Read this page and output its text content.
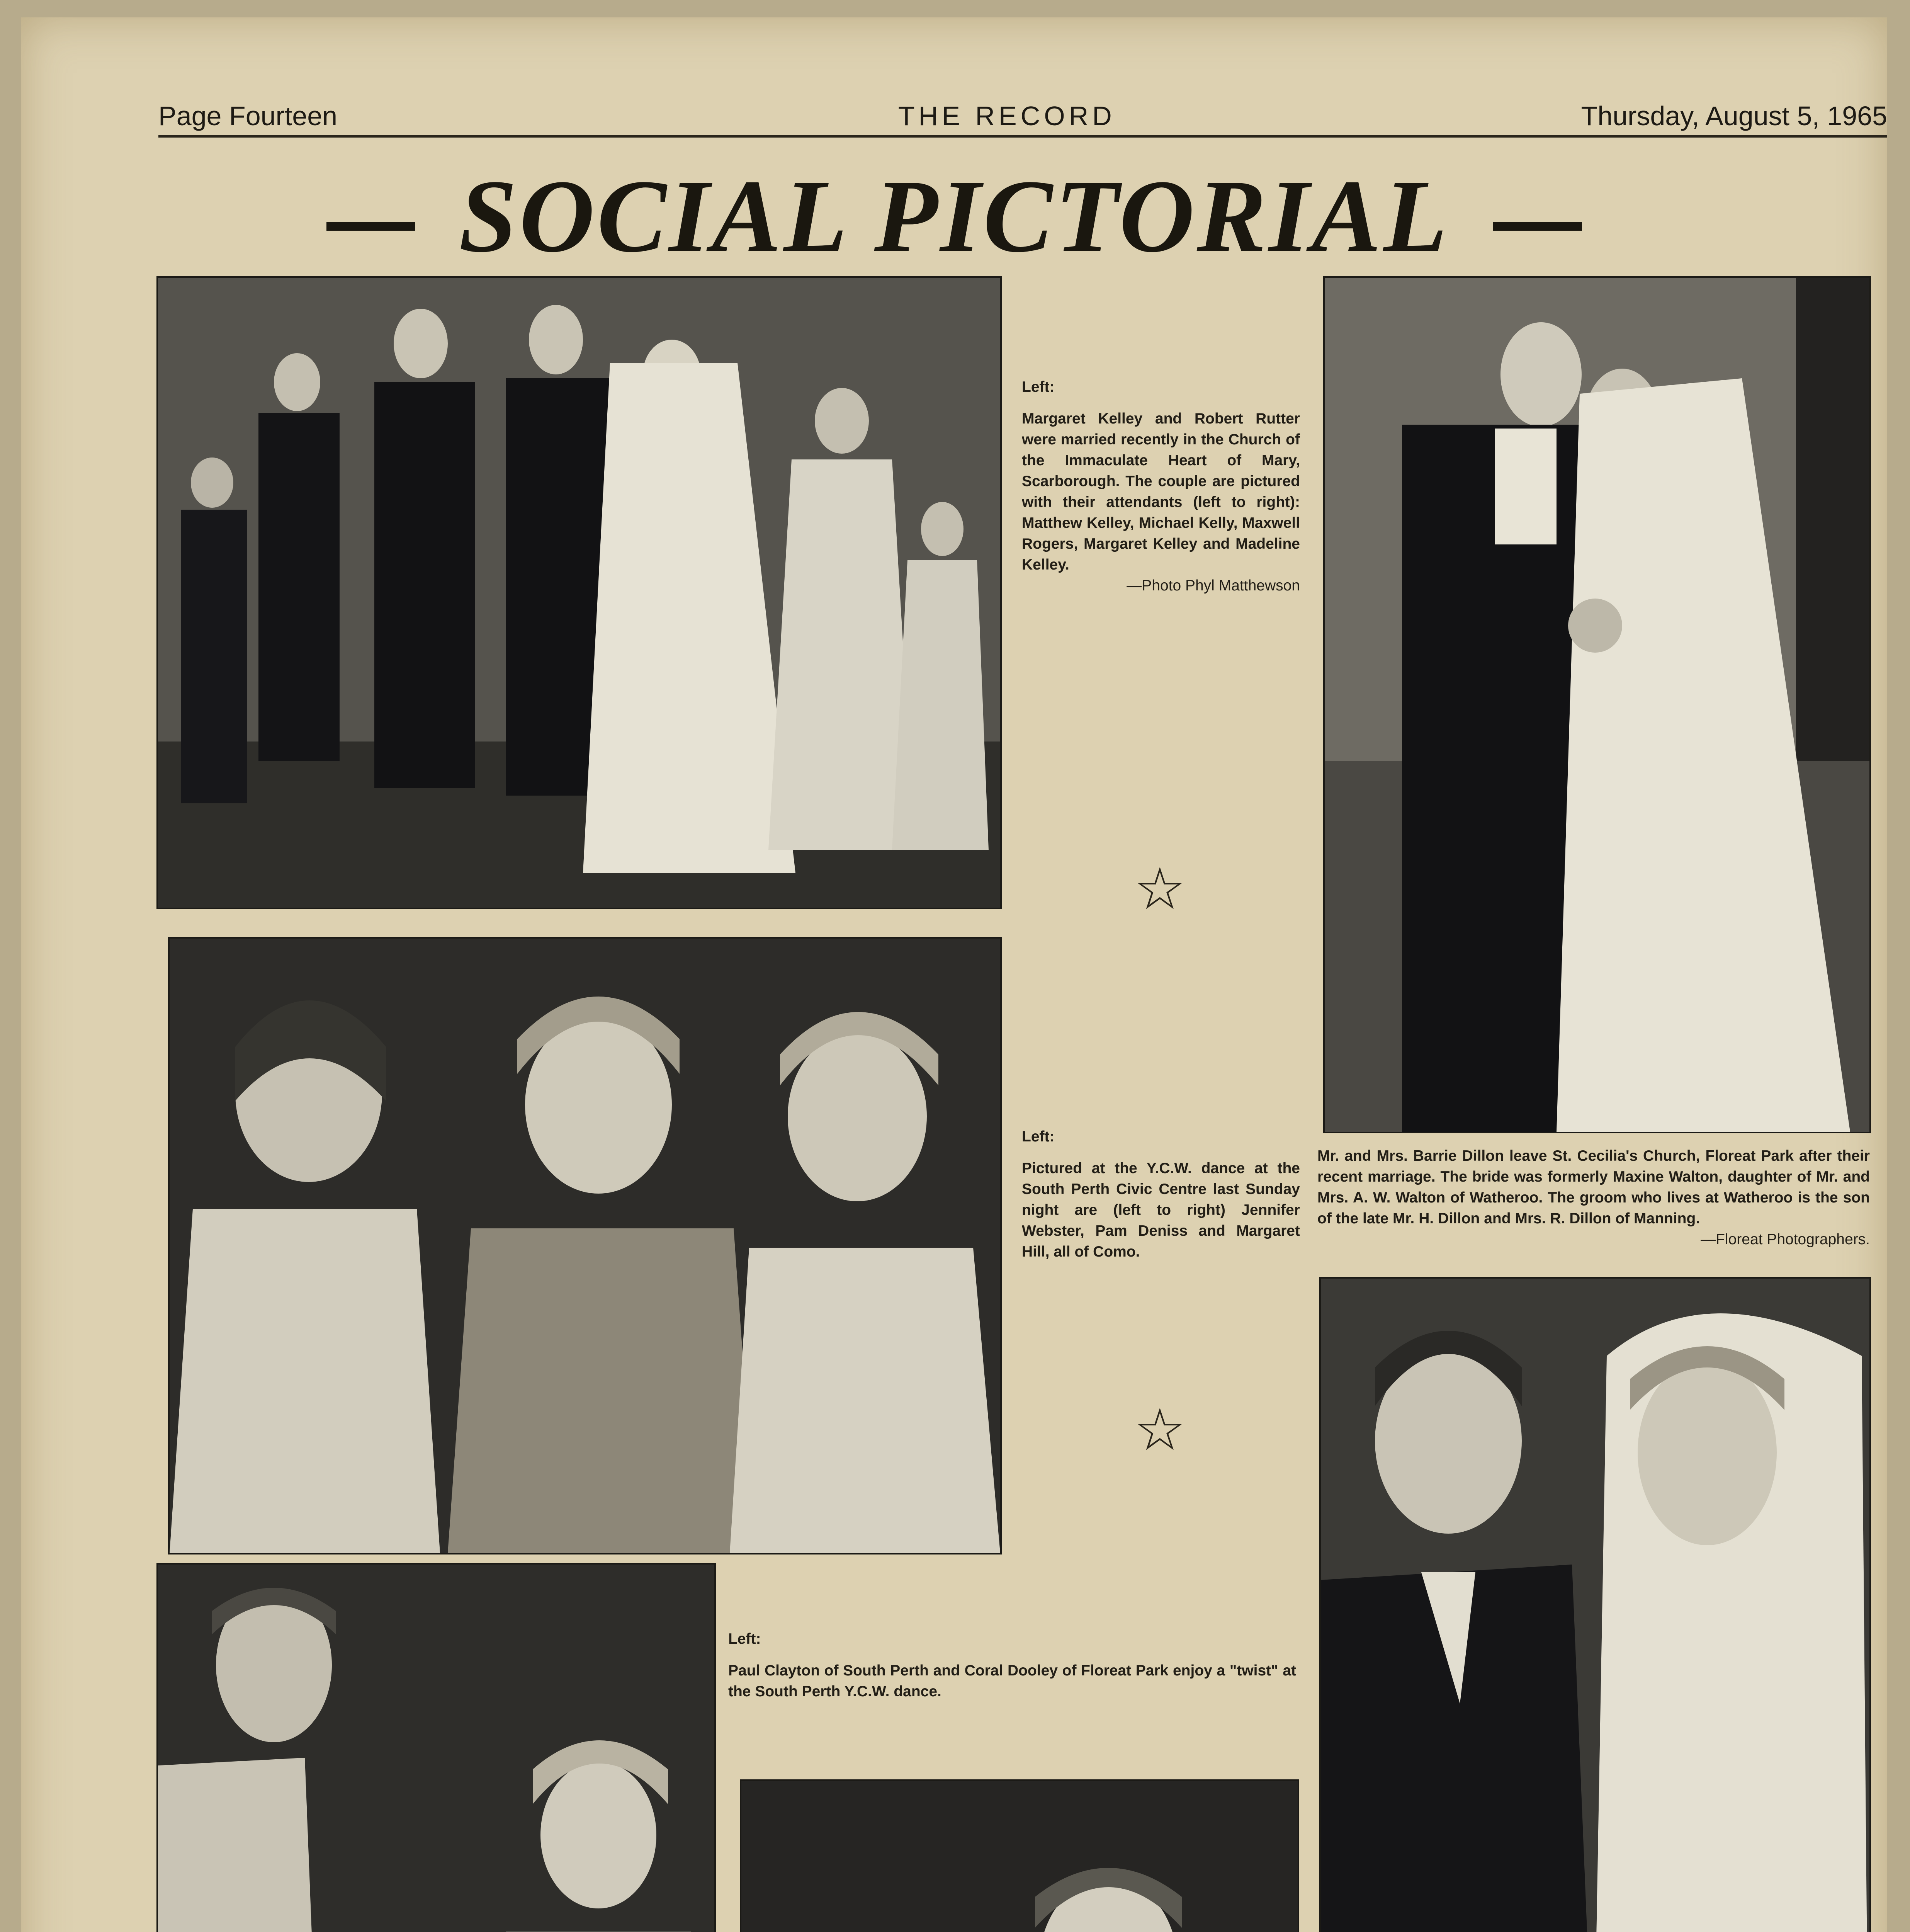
Page Fourteen	THE RECORD	Thursday, August 5, 1965
SOCIAL PICTORIAL
Left:
Margaret Kelley and Robert Rutter were married recently in the Church of the Immaculate Heart of Mary, Scarborough. The couple are pictured with their attendants (left to right): Matthew Kelley, Michael Kelly, Maxwell Rogers, Margaret Kelley and Madeline Kelley.
—Photo Phyl Matthewson
☆
Left:
Pictured at the Y.C.W. dance at the South Perth Civic Centre last Sunday night are (left to right) Jennifer Webster, Pam Deniss and Margaret Hill, all of Como.
☆
Mr. and Mrs. Barrie Dillon leave St. Cecilia's Church, Floreat Park after their recent marriage. The bride was formerly Maxine Walton, daughter of Mr. and Mrs. A. W. Walton of Watheroo. The groom who lives at Watheroo is the son of the late Mr. H. Dillon and Mrs. R. Dillon of Manning.
—Floreat Photographers.
Left:
Paul Clayton of South Perth and Coral Dooley of Floreat Park enjoy a "twist" at the South Perth Y.C.W. dance.
